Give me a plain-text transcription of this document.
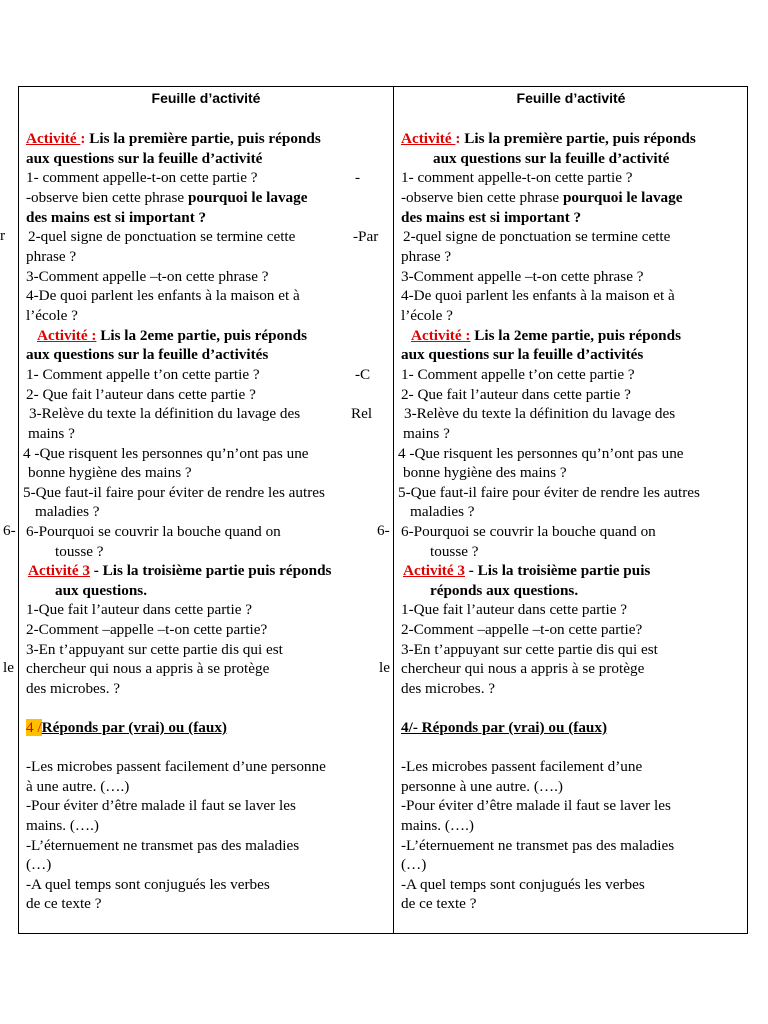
Feuille d’activité
Activité : Lis la première partie, puis réponds
aux questions sur la feuille d’activité
1- comment appelle-t-on cette partie ?	-
-observe bien cette phrase pourquoi le lavage
des mains est si important ?
2-quel signe de ponctuation se termine cette	-Par
phrase ?
3-Comment appelle –t-on cette phrase ?
4-De quoi parlent les enfants à la maison et à
l’école ?
Activité : Lis la 2eme partie, puis réponds
aux questions sur la feuille d’activités
1- Comment appelle t’on cette partie ?	-C
2- Que fait l’auteur dans cette partie ?
3-Relève du texte la définition du lavage des	Rel
mains ?
4 -Que risquent les personnes qu’n’ont pas une
bonne hygiène des mains ?
5-Que faut-il faire pour éviter de rendre les autres
maladies ?
6-Pourquoi se couvrir la bouche quand on
tousse ?
Activité 3 - Lis la troisième partie puis réponds
aux questions.
1-Que fait l’auteur dans cette partie ?
2-Comment –appelle –t-on cette partie?
3-En t’appuyant sur cette partie dis qui est
chercheur qui nous a appris à se protège
des microbes. ?
4 /Réponds par (vrai) ou (faux)
-Les microbes passent facilement d’une personne
à une autre. (….)
-Pour éviter d’être malade il faut se laver les
mains. (….)
-L’éternuement ne transmet pas des maladies
(…)
-A quel temps sont conjugués les verbes
de ce texte ?
Feuille d’activité
Activité : Lis la première partie, puis réponds
aux questions sur la feuille d’activité
1- comment appelle-t-on cette partie ?
-observe bien cette phrase pourquoi le lavage
des mains est si important ?
2-quel signe de ponctuation se termine cette
phrase ?
3-Comment appelle –t-on cette phrase ?
4-De quoi parlent les enfants à la maison et à
l’école ?
Activité : Lis la 2eme partie, puis réponds
aux questions sur la feuille d’activités
1- Comment appelle t’on cette partie ?
2- Que fait l’auteur dans cette partie ?
3-Relève du texte la définition du lavage des
mains ?
4 -Que risquent les personnes qu’n’ont pas une
bonne hygiène des mains ?
5-Que faut-il faire pour éviter de rendre les autres
maladies ?
6-Pourquoi se couvrir la bouche quand on
tousse ?
Activité 3 - Lis la troisième partie puis
réponds aux questions.
1-Que fait l’auteur dans cette partie ?
2-Comment –appelle –t-on cette partie?
3-En t’appuyant sur cette partie dis qui est
chercheur qui nous a appris à se protège
des microbes. ?
4/- Réponds par (vrai) ou (faux)
-Les microbes passent facilement d’une
personne à une autre. (….)
-Pour éviter d’être malade il faut se laver les
mains. (….)
-L’éternuement ne transmet pas des maladies
(…)
-A quel temps sont conjugués les verbes
de ce texte ?
r
6-	6-
le	le
